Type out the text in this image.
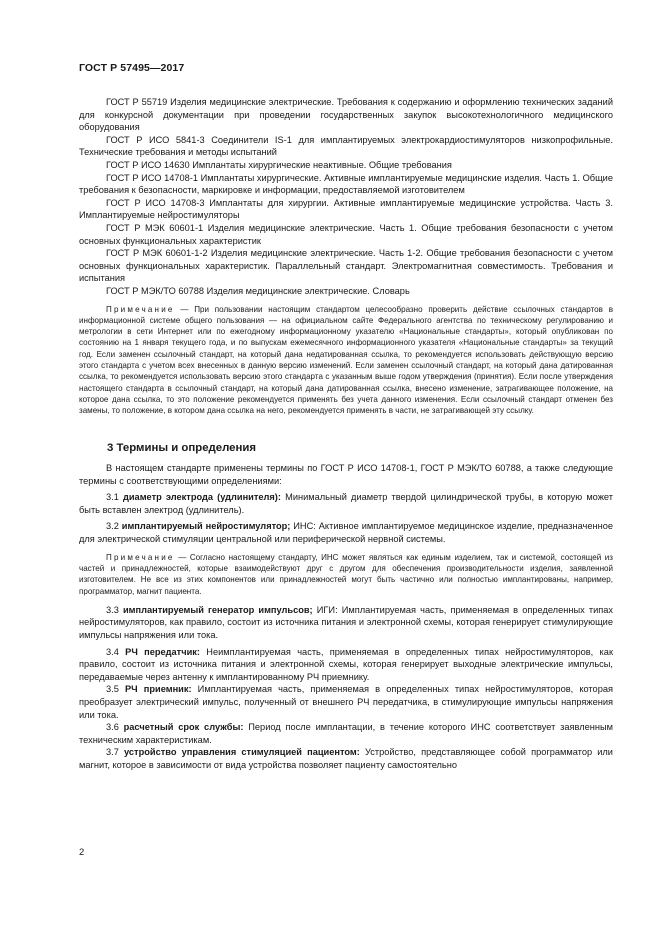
ГОСТ Р 57495—2017

ГОСТ Р 55719 Изделия медицинские электрические. Требования к содержанию и оформлению технических заданий для конкурсной документации при проведении государственных закупок высокотехнологичного медицинского оборудования

ГОСТ Р ИСО 5841-3 Соединители IS-1 для имплантируемых электрокардиостимуляторов низкопрофильные. Технические требования и методы испытаний

ГОСТ Р ИСО 14630 Имплантаты хирургические неактивные. Общие требования

ГОСТ Р ИСО 14708-1 Имплантаты хирургические. Активные имплантируемые медицинские изделия. Часть 1. Общие требования к безопасности, маркировке и информации, предоставляемой изготовителем

ГОСТ Р ИСО 14708-3 Имплантаты для хирургии. Активные имплантируемые медицинские устройства. Часть 3. Имплантируемые нейростимуляторы

ГОСТ Р МЭК 60601-1 Изделия медицинские электрические. Часть 1. Общие требования безопасности с учетом основных функциональных характеристик

ГОСТ Р МЭК 60601-1-2 Изделия медицинские электрические. Часть 1-2. Общие требования безопасности с учетом основных функциональных характеристик. Параллельный стандарт. Электромагнитная совместимость. Требования и испытания

ГОСТ Р МЭК/ТО 60788 Изделия медицинские электрические. Словарь

Примечание — При пользовании настоящим стандартом целесообразно проверить действие ссылочных стандартов в информационной системе общего пользования — на официальном сайте Федерального агентства по техническому регулированию и метрологии в сети Интернет или по ежегодному информационному указателю «Национальные стандарты», который опубликован по состоянию на 1 января текущего года, и по выпускам ежемесячного информационного указателя «Национальные стандарты» за текущий год. Если заменен ссылочный стандарт, на который дана недатированная ссылка, то рекомендуется использовать действующую версию этого стандарта с учетом всех внесенных в данную версию изменений. Если заменен ссылочный стандарт, на который дана датированная ссылка, то рекомендуется использовать версию этого стандарта с указанным выше годом утверждения (принятия). Если после утверждения настоящего стандарта в ссылочный стандарт, на который дана датированная ссылка, внесено изменение, затрагивающее положение, на которое дана ссылка, то это положение рекомендуется применять без учета данного изменения. Если ссылочный стандарт отменен без замены, то положение, в котором дана ссылка на него, рекомендуется применять в части, не затрагивающей эту ссылку.

3 Термины и определения

В настоящем стандарте применены термины по ГОСТ Р ИСО 14708-1, ГОСТ Р МЭК/ТО 60788, а также следующие термины с соответствующими определениями:

3.1 диаметр электрода (удлинителя): Минимальный диаметр твердой цилиндрической трубы, в которую может быть вставлен электрод (удлинитель).

3.2 имплантируемый нейростимулятор; ИНС: Активное имплантируемое медицинское изделие, предназначенное для электрической стимуляции центральной или периферической нервной системы.

Примечание — Согласно настоящему стандарту, ИНС может являться как единым изделием, так и системой, состоящей из частей и принадлежностей, которые взаимодействуют друг с другом для обеспечения производительности изделия, заявленной изготовителем. Не все из этих компонентов или принадлежностей могут быть частично или полностью имплантированы, например, программатор, магнит пациента.

3.3 имплантируемый генератор импульсов; ИГИ: Имплантируемая часть, применяемая в определенных типах нейростимуляторов, как правило, состоит из источника питания и электронной схемы, которая генерирует стимулирующие импульсы напряжения или тока.

3.4 РЧ передатчик: Неимплантируемая часть, применяемая в определенных типах нейростимуляторов, как правило, состоит из источника питания и электронной схемы, которая генерирует выходные электрические импульсы, передаваемые через антенну к имплантированному РЧ приемнику.

3.5 РЧ приемник: Имплантируемая часть, применяемая в определенных типах нейростимуляторов, которая преобразует электрический импульс, полученный от внешнего РЧ передатчика, в стимулирующие импульсы напряжения или тока.

3.6 расчетный срок службы: Период после имплантации, в течение которого ИНС соответствует заявленным техническим характеристикам.

3.7 устройство управления стимуляцией пациентом: Устройство, представляющее собой программатор или магнит, которое в зависимости от вида устройства позволяет пациенту самостоятельно

2
